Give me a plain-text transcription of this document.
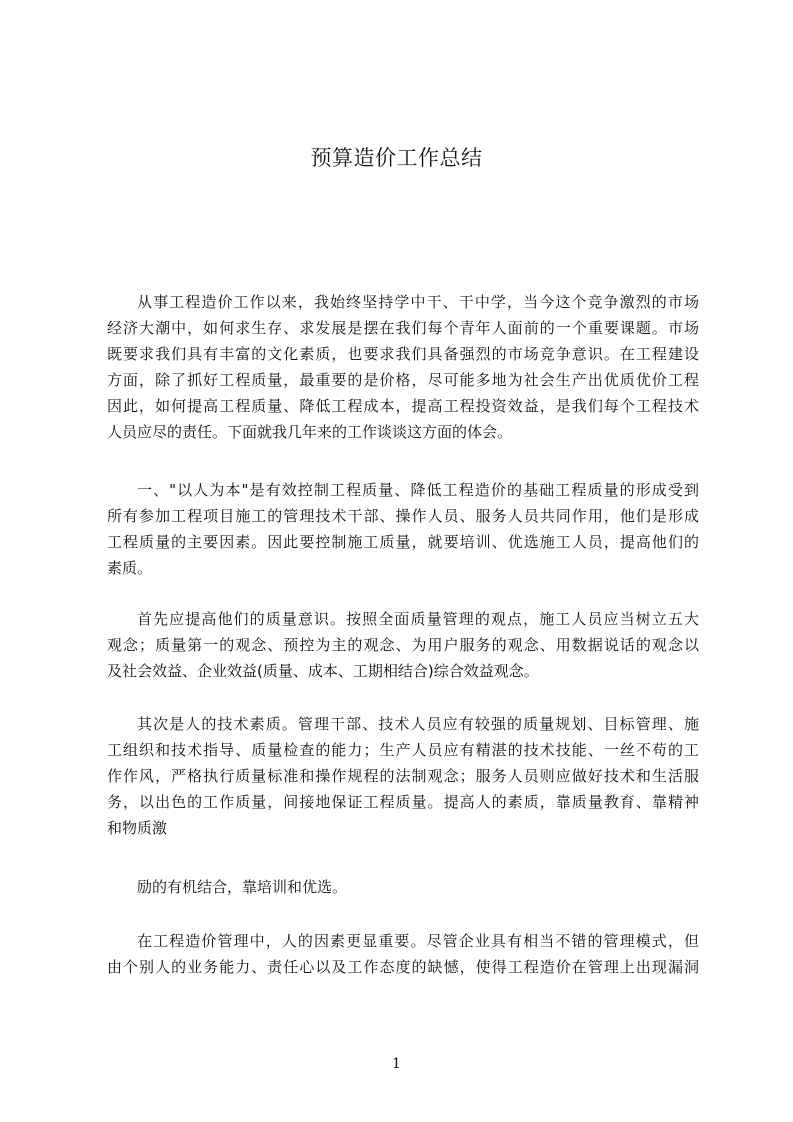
预算造价工作总结
从事工程造价工作以来，我始终坚持学中干、干中学，当今这个竞争激烈的市场
经济大潮中，如何求生存、求发展是摆在我们每个青年人面前的一个重要课题。市场
既要求我们具有丰富的文化素质，也要求我们具备强烈的市场竞争意识。在工程建设
方面，除了抓好工程质量，最重要的是价格，尽可能多地为社会生产出优质优价工程
因此，如何提高工程质量、降低工程成本，提高工程投资效益，是我们每个工程技术
人员应尽的责任。下面就我几年来的工作谈谈这方面的体会。
一、"以人为本"是有效控制工程质量、降低工程造价的基础工程质量的形成受到
所有参加工程项目施工的管理技术干部、操作人员、服务人员共同作用，他们是形成
工程质量的主要因素。因此要控制施工质量，就要培训、优选施工人员，提高他们的
素质。
首先应提高他们的质量意识。按照全面质量管理的观点，施工人员应当树立五大
观念；质量第一的观念、预控为主的观念、为用户服务的观念、用数据说话的观念以
及社会效益、企业效益(质量、成本、工期相结合)综合效益观念。
其次是人的技术素质。管理干部、技术人员应有较强的质量规划、目标管理、施
工组织和技术指导、质量检查的能力；生产人员应有精湛的技术技能、一丝不苟的工
作作风，严格执行质量标准和操作规程的法制观念；服务人员则应做好技术和生活服
务，以出色的工作质量，间接地保证工程质量。提高人的素质，靠质量教育、靠精衶
和物质激
励的有机结合，靠培训和优选。
在工程造价管理中，人的因素更显重要。尽管企业具有相当不错的管理模式，但
由个别人的业务能力、责任心以及工作态度的缺憾，使得工程造价在管理上出现漏洞
1
